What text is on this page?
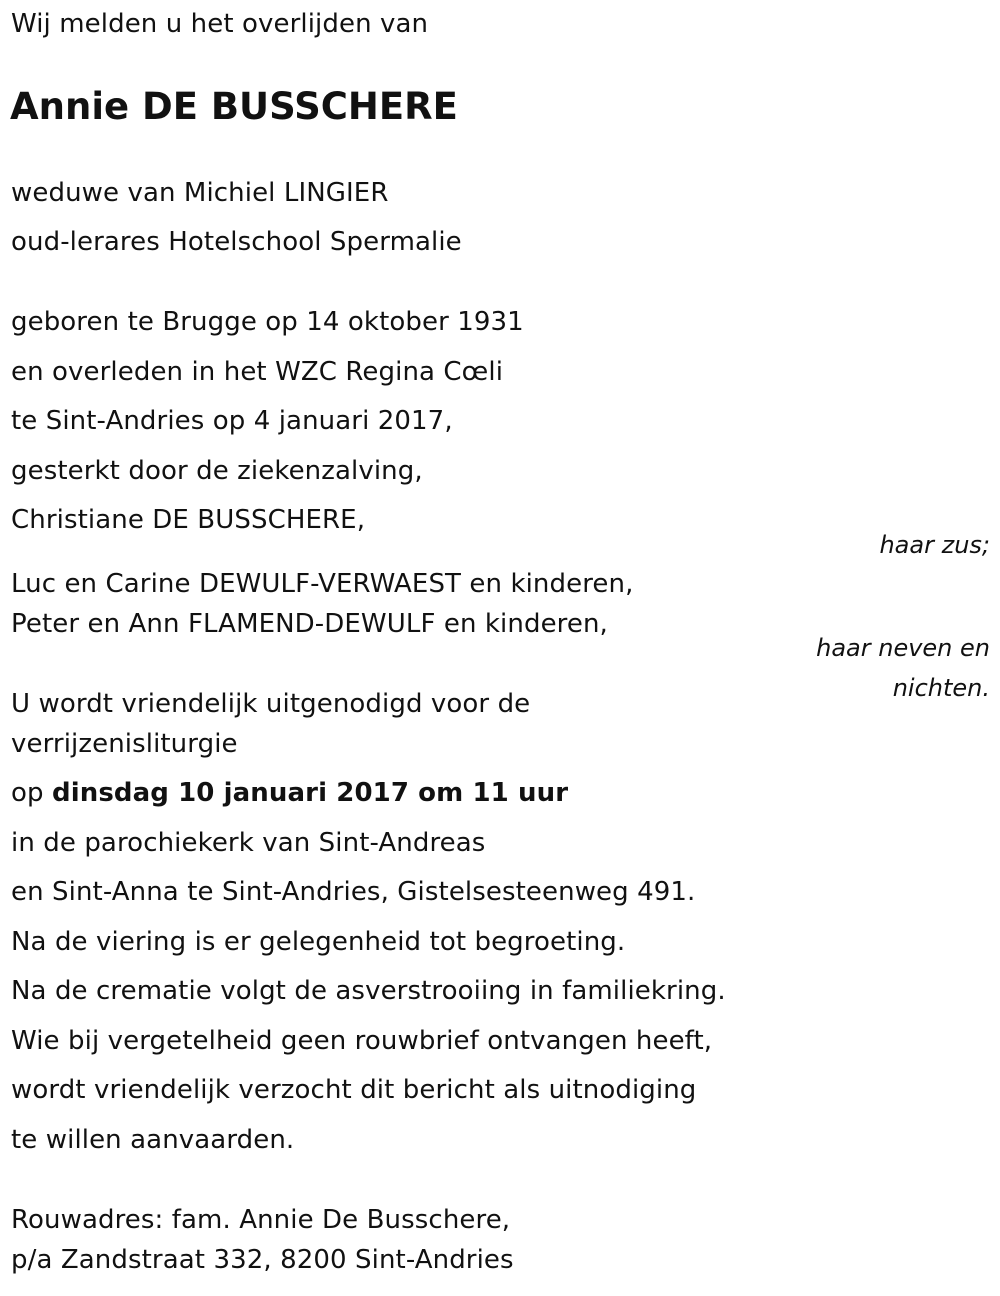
Wij melden u het overlijden van
Annie DE BUSSCHERE
weduwe van Michiel LINGIER
oud-lerares Hotelschool Spermalie
geboren te Brugge op 14 oktober 1931
en overleden in het WZC Regina Cœli
te Sint-Andries op 4 januari 2017,
gesterkt door de ziekenzalving,
Christiane DE BUSSCHERE,
haar zus;
Luc en Carine DEWULF-VERWAEST en kinderen,
Peter en Ann FLAMEND-DEWULF en kinderen,
haar neven en
nichten.
U wordt vriendelijk uitgenodigd voor de
verrijzenisliturgie
op dinsdag 10 januari 2017 om 11 uur
in de parochiekerk van Sint-Andreas
en Sint-Anna te Sint-Andries, Gistelsesteenweg 491.
Na de viering is er gelegenheid tot begroeting.
Na de crematie volgt de asverstrooiing in familiekring.
Wie bij vergetelheid geen rouwbrief ontvangen heeft,
wordt vriendelijk verzocht dit bericht als uitnodiging
te willen aanvaarden.
Rouwadres: fam. Annie De Busschere,
p/a Zandstraat 332, 8200 Sint-Andries
